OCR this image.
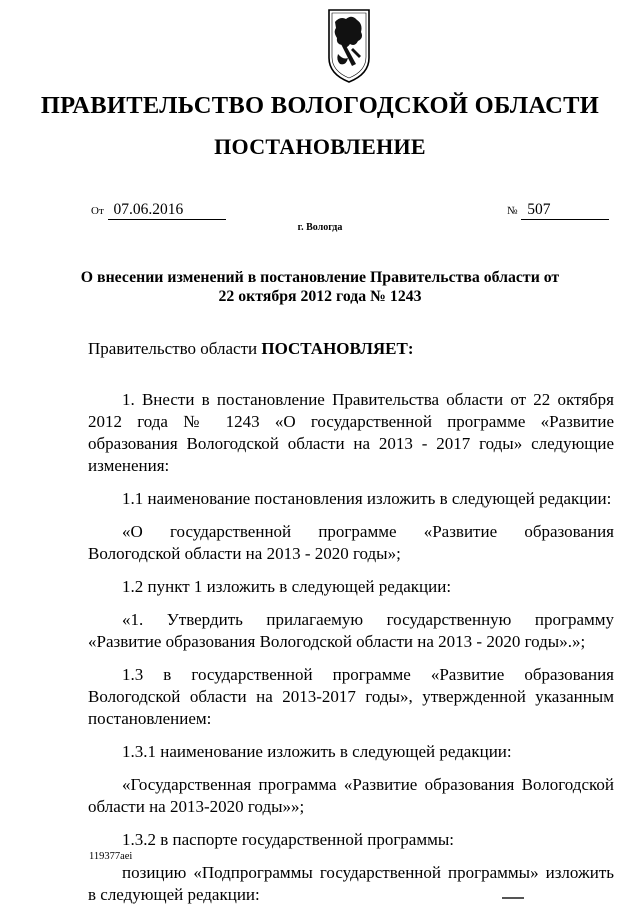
ПРАВИТЕЛЬСТВО ВОЛОГОДСКОЙ ОБЛАСТИ
ПОСТАНОВЛЕНИЕ
От 07.06.2016	№ 507
г. Вологда
О внесении изменений в постановление Правительства области от
22 октября 2012 года № 1243
Правительство области ПОСТАНОВЛЯЕТ:

1. Внести в постановление Правительства области от 22 октября 2012 года № 1243 «О государственной программе «Развитие образования Вологодской области на 2013 - 2017 годы» следующие изменения:

1.1 наименование постановления изложить в следующей редакции:

«О государственной программе «Развитие образования Вологодской области на 2013 - 2020 годы»;

1.2 пункт 1 изложить в следующей редакции:

«1. Утвердить прилагаемую государственную программу «Развитие образования Вологодской области на 2013 - 2020 годы».»;

1.3 в государственной программе «Развитие образования Вологодской области на 2013-2017 годы», утвержденной указанным постановлением:

1.3.1 наименование изложить в следующей редакции:

«Государственная программа «Развитие образования Вологодской области на 2013-2020 годы»»;

1.3.2 в паспорте государственной программы:

позицию «Подпрограммы государственной программы» изложить в следующей редакции:

119377aei
